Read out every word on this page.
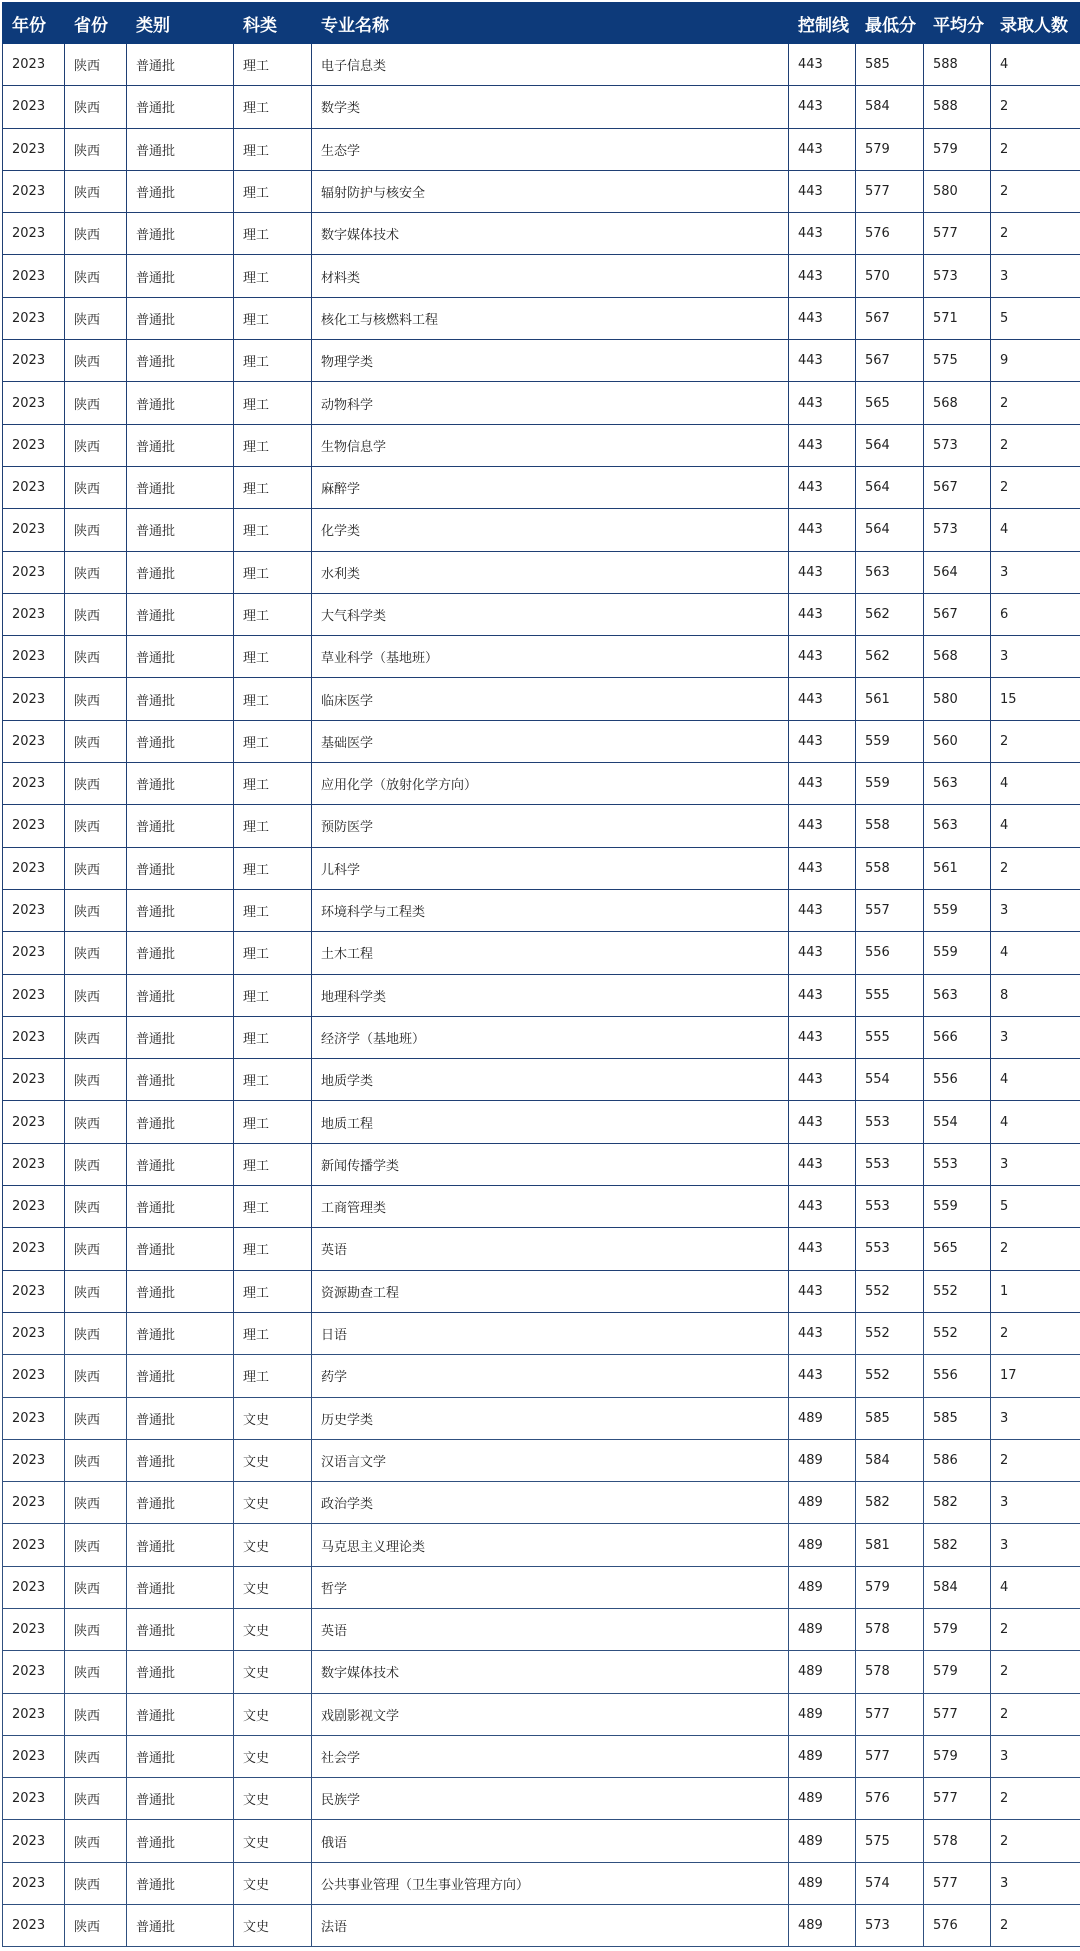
年份	省份	类别	科类	专业名称	控制线	最低分	平均分	录取人数
2023	陕西	普通批	理工	电子信息类	443	585	588	4
2023	陕西	普通批	理工	数学类	443	584	588	2
2023	陕西	普通批	理工	生态学	443	579	579	2
2023	陕西	普通批	理工	辐射防护与核安全	443	577	580	2
2023	陕西	普通批	理工	数字媒体技术	443	576	577	2
2023	陕西	普通批	理工	材料类	443	570	573	3
2023	陕西	普通批	理工	核化工与核燃料工程	443	567	571	5
2023	陕西	普通批	理工	物理学类	443	567	575	9
2023	陕西	普通批	理工	动物科学	443	565	568	2
2023	陕西	普通批	理工	生物信息学	443	564	573	2
2023	陕西	普通批	理工	麻醉学	443	564	567	2
2023	陕西	普通批	理工	化学类	443	564	573	4
2023	陕西	普通批	理工	水利类	443	563	564	3
2023	陕西	普通批	理工	大气科学类	443	562	567	6
2023	陕西	普通批	理工	草业科学（基地班）	443	562	568	3
2023	陕西	普通批	理工	临床医学	443	561	580	15
2023	陕西	普通批	理工	基础医学	443	559	560	2
2023	陕西	普通批	理工	应用化学（放射化学方向）	443	559	563	4
2023	陕西	普通批	理工	预防医学	443	558	563	4
2023	陕西	普通批	理工	儿科学	443	558	561	2
2023	陕西	普通批	理工	环境科学与工程类	443	557	559	3
2023	陕西	普通批	理工	土木工程	443	556	559	4
2023	陕西	普通批	理工	地理科学类	443	555	563	8
2023	陕西	普通批	理工	经济学（基地班）	443	555	566	3
2023	陕西	普通批	理工	地质学类	443	554	556	4
2023	陕西	普通批	理工	地质工程	443	553	554	4
2023	陕西	普通批	理工	新闻传播学类	443	553	553	3
2023	陕西	普通批	理工	工商管理类	443	553	559	5
2023	陕西	普通批	理工	英语	443	553	565	2
2023	陕西	普通批	理工	资源勘查工程	443	552	552	1
2023	陕西	普通批	理工	日语	443	552	552	2
2023	陕西	普通批	理工	药学	443	552	556	17
2023	陕西	普通批	文史	历史学类	489	585	585	3
2023	陕西	普通批	文史	汉语言文学	489	584	586	2
2023	陕西	普通批	文史	政治学类	489	582	582	3
2023	陕西	普通批	文史	马克思主义理论类	489	581	582	3
2023	陕西	普通批	文史	哲学	489	579	584	4
2023	陕西	普通批	文史	英语	489	578	579	2
2023	陕西	普通批	文史	数字媒体技术	489	578	579	2
2023	陕西	普通批	文史	戏剧影视文学	489	577	577	2
2023	陕西	普通批	文史	社会学	489	577	579	3
2023	陕西	普通批	文史	民族学	489	576	577	2
2023	陕西	普通批	文史	俄语	489	575	578	2
2023	陕西	普通批	文史	公共事业管理（卫生事业管理方向）	489	574	577	3
2023	陕西	普通批	文史	法语	489	573	576	2
